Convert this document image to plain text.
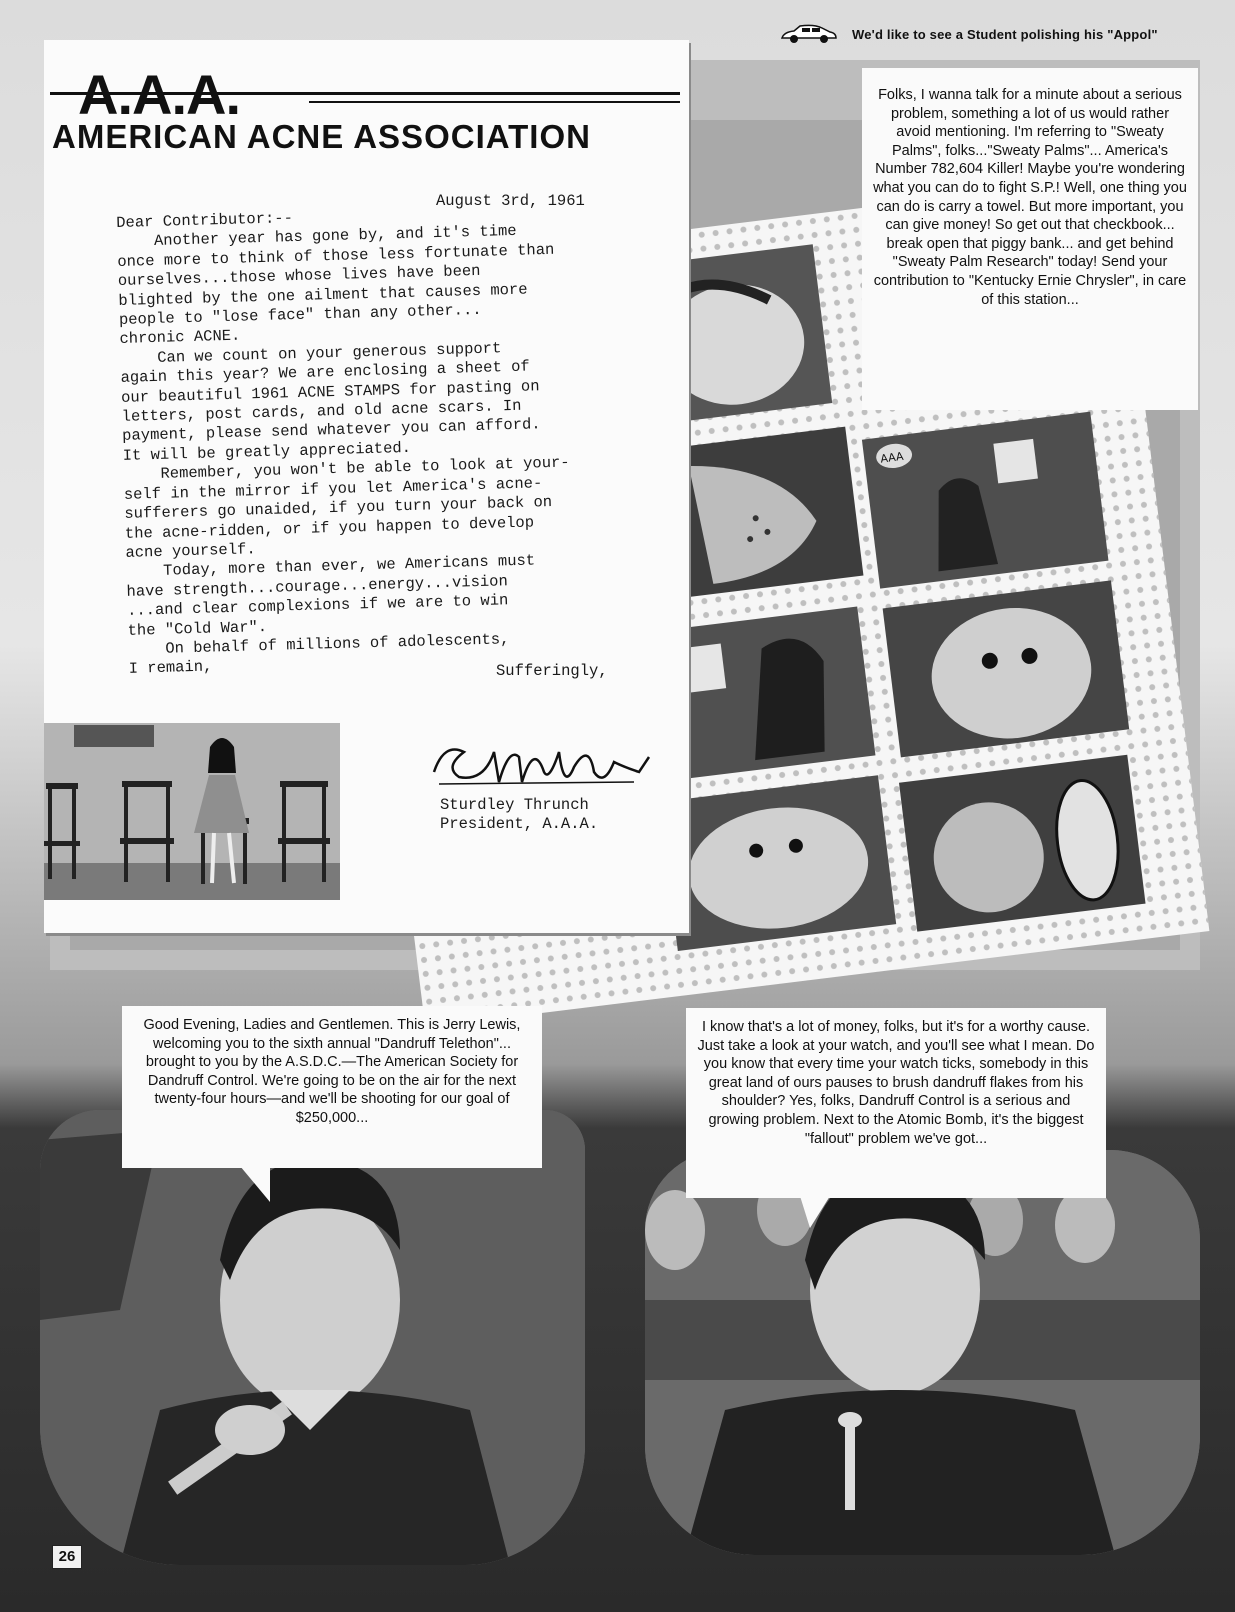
We'd like to see a Student polishing his "Appol"
AAA
A.A.A.
AMERICAN ACNE ASSOCIATION
August 3rd, 1961
Dear Contributor:--
Another year has gone by, and it's time
once more to think of those less fortunate than
ourselves...those whose lives have been
blighted by the one ailment that causes more
people to "lose face" than any other...
chronic ACNE.
Can we count on your generous support
again this year? We are enclosing a sheet of
our beautiful 1961 ACNE STAMPS for pasting on
letters, post cards, and old acne scars. In
payment, please send whatever you can afford.
It will be greatly appreciated.
Remember, you won't be able to look at your-
self in the mirror if you let America's acne-
sufferers go unaided, if you turn your back on
the acne-ridden, or if you happen to develop
acne yourself.
Today, more than ever, we Americans must
have strength...courage...energy...vision
...and clear complexions if we are to win
the "Cold War".
On behalf of millions of adolescents,
I remain,	Sufferingly,
Sturdley Thrunch
President, A.A.A.
Folks, I wanna talk for a minute about a serious problem, something a lot of us would rather avoid mentioning. I'm referring to "Sweaty Palms", folks..."Sweaty Palms"... America's Number 782,604 Killer! Maybe you're wondering what you can do to fight S.P.! Well, one thing you can do is carry a towel. But more important, you can give money! So get out that checkbook... break open that piggy bank... and get behind "Sweaty Palm Research" today! Send your contribution to "Kentucky Ernie Chrysler", in care of this station...
Good Evening, Ladies and Gentlemen. This is Jerry Lewis, welcoming you to the sixth annual "Dandruff Telethon"... brought to you by the A.S.D.C.—The American Society for Dandruff Control. We're going to be on the air for the next twenty-four hours—and we'll be shooting for our goal of $250,000...
I know that's a lot of money, folks, but it's for a worthy cause. Just take a look at your watch, and you'll see what I mean. Do you know that every time your watch ticks, somebody in this great land of ours pauses to brush dandruff flakes from his shoulder? Yes, folks, Dandruff Control is a serious and growing problem. Next to the Atomic Bomb, it's the biggest "fallout" problem we've got...
26
